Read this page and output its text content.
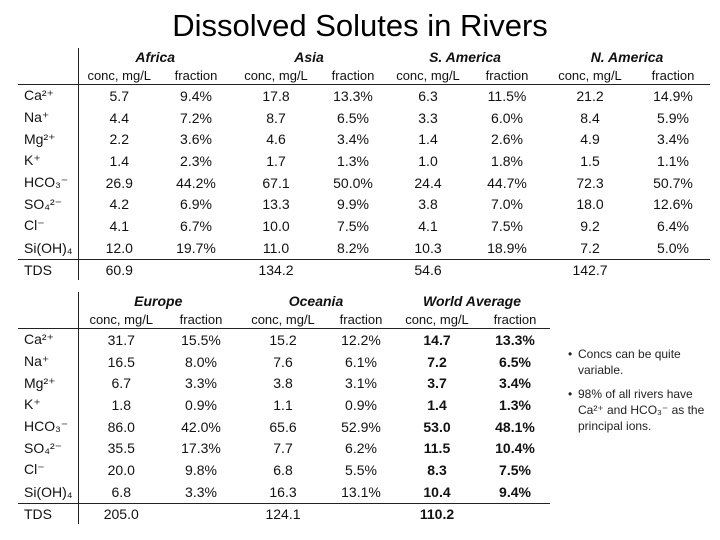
Dissolved Solutes in Rivers
	Africa		Asia		S. America		N. America	
	conc, mg/L	fraction	conc, mg/L	fraction	conc, mg/L	fraction	conc, mg/L	fraction
Ca²⁺	5.7	9.4%	17.8	13.3%	6.3	11.5%	21.2	14.9%
Na⁺	4.4	7.2%	8.7	6.5%	3.3	6.0%	8.4	5.9%
Mg²⁺	2.2	3.6%	4.6	3.4%	1.4	2.6%	4.9	3.4%
K⁺	1.4	2.3%	1.7	1.3%	1.0	1.8%	1.5	1.1%
HCO₃⁻	26.9	44.2%	67.1	50.0%	24.4	44.7%	72.3	50.7%
SO₄²⁻	4.2	6.9%	13.3	9.9%	3.8	7.0%	18.0	12.6%
Cl⁻	4.1	6.7%	10.0	7.5%	4.1	7.5%	9.2	6.4%
Si(OH)₄	12.0	19.7%	11.0	8.2%	10.3	18.9%	7.2	5.0%
TDS	60.9		134.2		54.6		142.7	
	Europe		Oceania		World Average	
	conc, mg/L	fraction	conc, mg/L	fraction	conc, mg/L	fraction
Ca²⁺	31.7	15.5%	15.2	12.2%	14.7	13.3%
Na⁺	16.5	8.0%	7.6	6.1%	7.2	6.5%
Mg²⁺	6.7	3.3%	3.8	3.1%	3.7	3.4%
K⁺	1.8	0.9%	1.1	0.9%	1.4	1.3%
HCO₃⁻	86.0	42.0%	65.6	52.9%	53.0	48.1%
SO₄²⁻	35.5	17.3%	7.7	6.2%	11.5	10.4%
Cl⁻	20.0	9.8%	6.8	5.5%	8.3	7.5%
Si(OH)₄	6.8	3.3%	16.3	13.1%	10.4	9.4%
TDS	205.0		124.1		110.2	
• Concs can be quite variable.
• 98% of all rivers have Ca²⁺ and HCO₃⁻ as the principal ions.
